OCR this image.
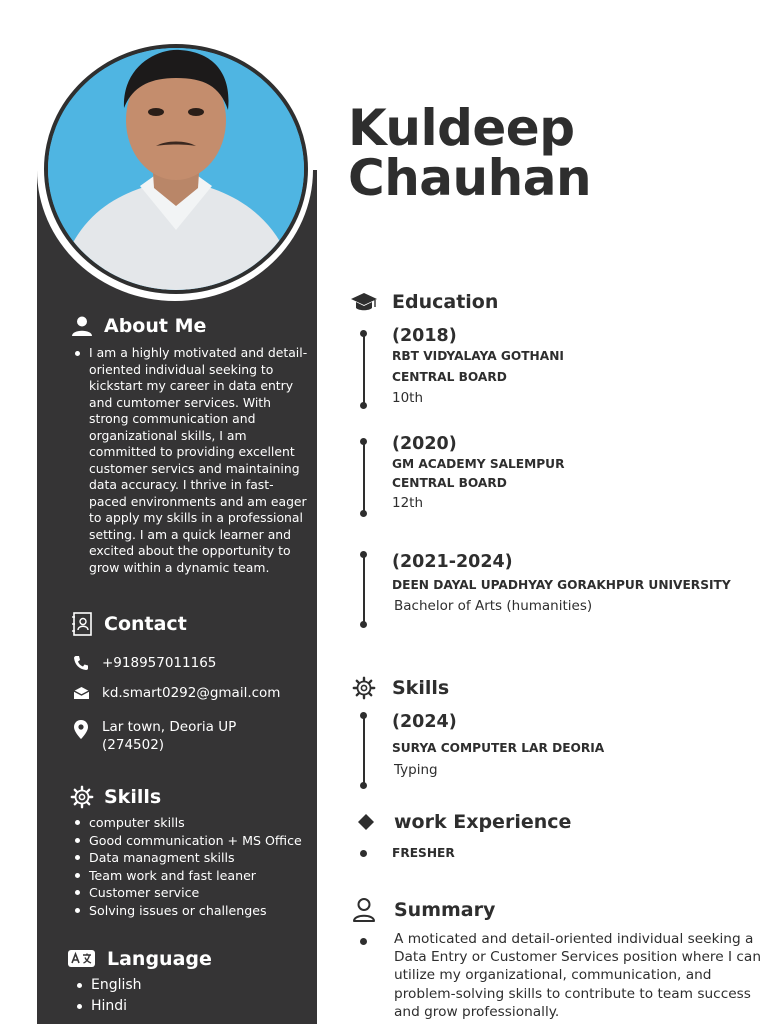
About Me
I am a highly motivated and detail-oriented individual seeking to kickstart my career in data entry and cumtomer services. With strong communication and organizational skills, I am committed to providing excellent customer servics and maintaining data accuracy. I thrive in fast-paced environments and am eager to apply my skills in a professional setting. I am a quick learner and excited about the opportunity to grow within a dynamic team.
Contact
+918957011165
kd.smart0292@gmail.com
Lar town, Deoria UP
(274502)
Skills
computer skills
Good communication + MS Office
Data managment skills
Team work and fast leaner
Customer service
Solving issues or challenges
Language
English
Hindi
Kuldeep
Chauhan
Education
(2018)
RBT VIDYALAYA GOTHANI
CENTRAL BOARD
10th
(2020)
GM ACADEMY SALEMPUR
CENTRAL BOARD
12th
(2021-2024)
DEEN DAYAL UPADHYAY GORAKHPUR UNIVERSITY
Bachelor of Arts (humanities)
Skills
(2024)
SURYA COMPUTER LAR DEORIA
Typing
work Experience
FRESHER
Summary
A moticated and detail-oriented individual seeking a Data Entry or Customer Services position where I can utilize my organizational, communication, and problem-solving skills to contribute to team success and grow professionally.
